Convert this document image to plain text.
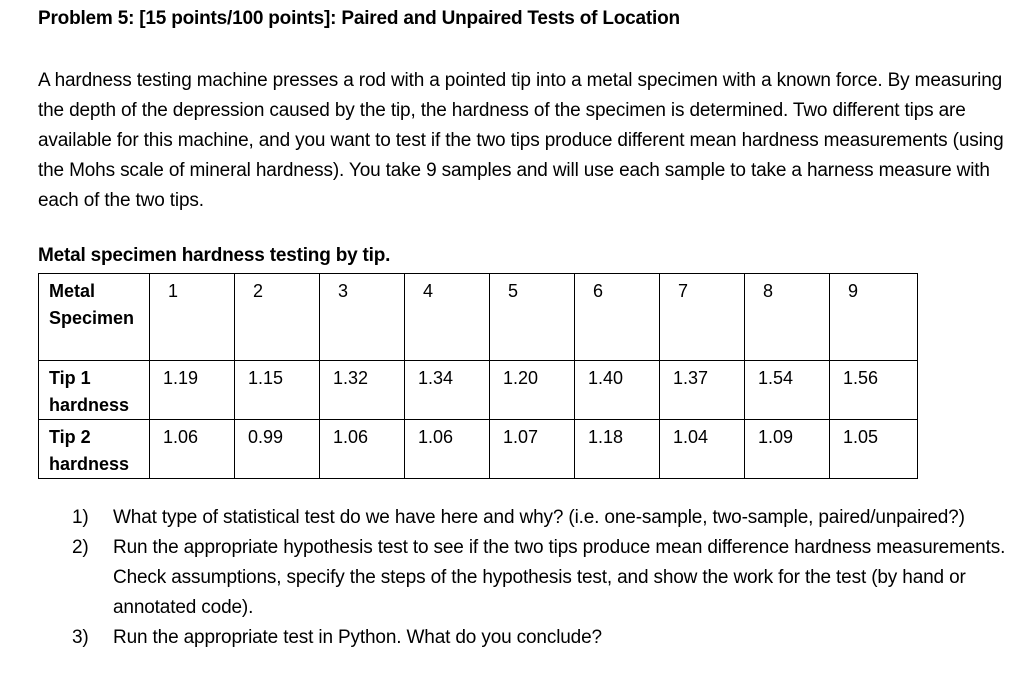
Problem 5: [15 points/100 points]: Paired and Unpaired Tests of Location
A hardness testing machine presses a rod with a pointed tip into a metal specimen with a known force. By measuring the depth of the depression caused by the tip, the hardness of the specimen is determined. Two different tips are available for this machine, and you want to test if the two tips produce different mean hardness measurements (using the Mohs scale of mineral hardness). You take 9 samples and will use each sample to take a harness measure with each of the two tips.
Metal specimen hardness testing by tip.
Metal Specimen	1	2	3	4	5	6	7	8	9
Tip 1 hardness	1.19	1.15	1.32	1.34	1.20	1.40	1.37	1.54	1.56
Tip 2 hardness	1.06	0.99	1.06	1.06	1.07	1.18	1.04	1.09	1.05
1) What type of statistical test do we have here and why? (i.e. one-sample, two-sample, paired/unpaired?)
2) Run the appropriate hypothesis test to see if the two tips produce mean difference hardness measurements. Check assumptions, specify the steps of the hypothesis test, and show the work for the test (by hand or annotated code).
3) Run the appropriate test in Python. What do you conclude?
